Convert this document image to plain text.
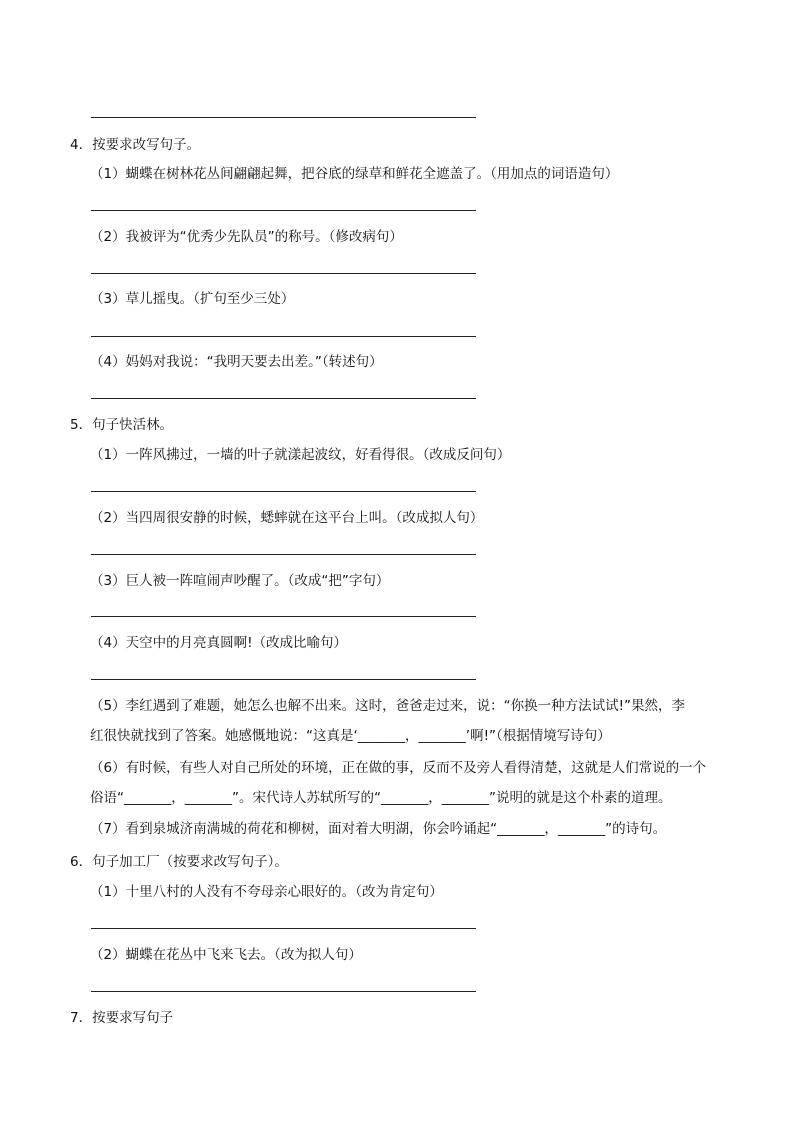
4．按要求改写句子。
（1）蝴蝶在树林花丛间翩翩起舞，把谷底的绿草和鲜花全遮盖了。（用加点的词语造句）
（2）我被评为“优秀少先队员”的称号。（修改病句）
（3）草儿摇曳。（扩句至少三处）
（4）妈妈对我说：“我明天要去出差。”（转述句）
5．句子快活林。
（1）一阵风拂过，一墙的叶子就漾起波纹，好看得很。（改成反问句）
（2）当四周很安静的时候，蟋蟀就在这平台上叫。（改成拟人句）
（3）巨人被一阵喧闹声吵醒了。（改成“把”字句）
（4）天空中的月亮真圆啊!（改成比喻句）
（5）李红遇到了难题，她怎么也解不出来。这时，爸爸走过来，说：“你换一种方法试试!”果然，李
红很快就找到了答案。她感慨地说：“这真是‘_______，_______’啊!”（根据情境写诗句）
（6）有时候，有些人对自己所处的环境，正在做的事，反而不及旁人看得清楚，这就是人们常说的一个
俗语“_______，_______”。宋代诗人苏轼所写的“_______，_______”说明的就是这个朴素的道理。
（7）看到泉城济南满城的荷花和柳树，面对着大明湖，你会吟诵起“_______，_______”的诗句。
6．句子加工厂（按要求改写句子）。
（1）十里八村的人没有不夸母亲心眼好的。（改为肯定句）
（2）蝴蝶在花丛中飞来飞去。（改为拟人句）
7．按要求写句子
